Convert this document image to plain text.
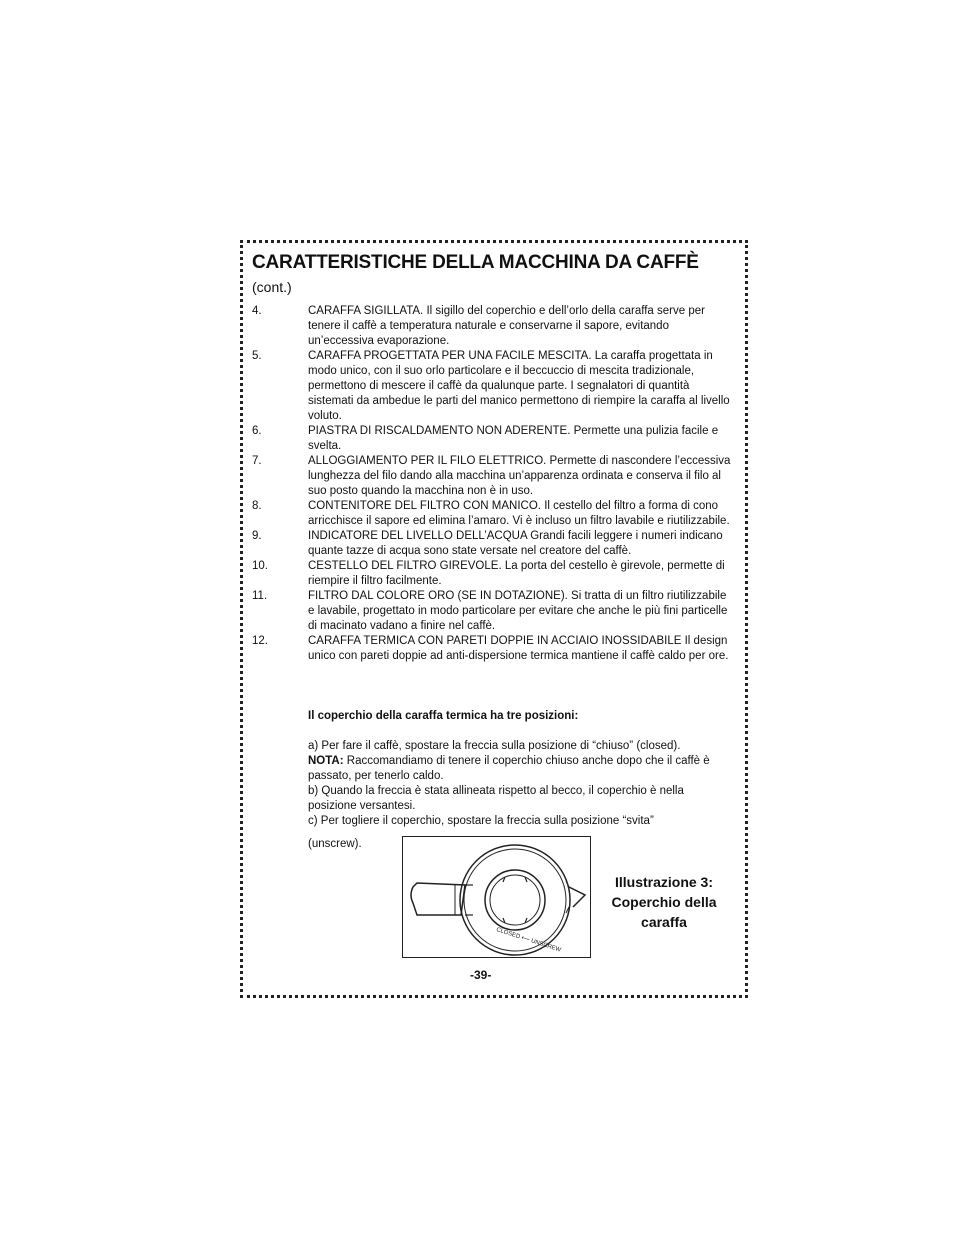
CARATTERISTICHE DELLA MACCHINA DA CAFFÈ
(cont.)
4.	CARAFFA SIGILLATA. Il sigillo del coperchio e dell’orlo della caraffa serve per tenere il caffè a temperatura naturale e conservarne il sapore, evitando un’eccessiva evaporazione.
5.	CARAFFA PROGETTATA PER UNA FACILE MESCITA. La caraffa progettata in modo unico, con il suo orlo particolare e il beccuccio di mescita tradizionale, permettono di mescere il caffè da qualunque parte. I segnalatori di quantità sistemati da ambedue le parti del manico permettono di riempire la caraffa al livello voluto.
6.	PIASTRA DI RISCALDAMENTO NON ADERENTE. Permette una pulizia facile e svelta.
7.	ALLOGGIAMENTO PER IL FILO ELETTRICO. Permette di nascondere l’eccessiva lunghezza del filo dando alla macchina un’apparenza ordinata e conserva il filo al suo posto quando la macchina non è in uso.
8.	CONTENITORE DEL FILTRO CON MANICO. Il cestello del filtro a forma di cono arricchisce il sapore ed elimina l’amaro. Vi è incluso un filtro lavabile e riutilizzabile.
9.	INDICATORE DEL LIVELLO DELL’ACQUA Grandi facili leggere i numeri indicano quante tazze di acqua sono state versate nel creatore del caffè.
10.	CESTELLO DEL FILTRO GIREVOLE. La porta del cestello è girevole, permette di riempire il filtro facilmente.
11.	FILTRO DAL COLORE ORO (SE IN DOTAZIONE). Si tratta di un filtro riutilizzabile e lavabile, progettato in modo particolare per evitare che anche le più fini particelle di macinato vadano a finire nel caffè.
12.	CARAFFA TERMICA CON PARETI DOPPIE IN ACCIAIO INOSSIDABILE Il design unico con pareti doppie ad anti-dispersione termica mantiene il caffè caldo per ore.
Il coperchio della caraffa termica ha tre posizioni:
a) Per fare il caffè, spostare la freccia sulla posizione di “chiuso” (closed).
NOTA: Raccomandiamo di tenere il coperchio chiuso anche dopo che il caffè è passato, per tenerlo caldo.
b) Quando la freccia è stata allineata rispetto al becco, il coperchio è nella posizione versantesi.
c) Per togliere il coperchio, spostare la freccia sulla posizione “svita”
(unscrew).
CLOSED ⟵ UNSCREW
Illustrazione 3:
Coperchio della
caraffa
-39-
